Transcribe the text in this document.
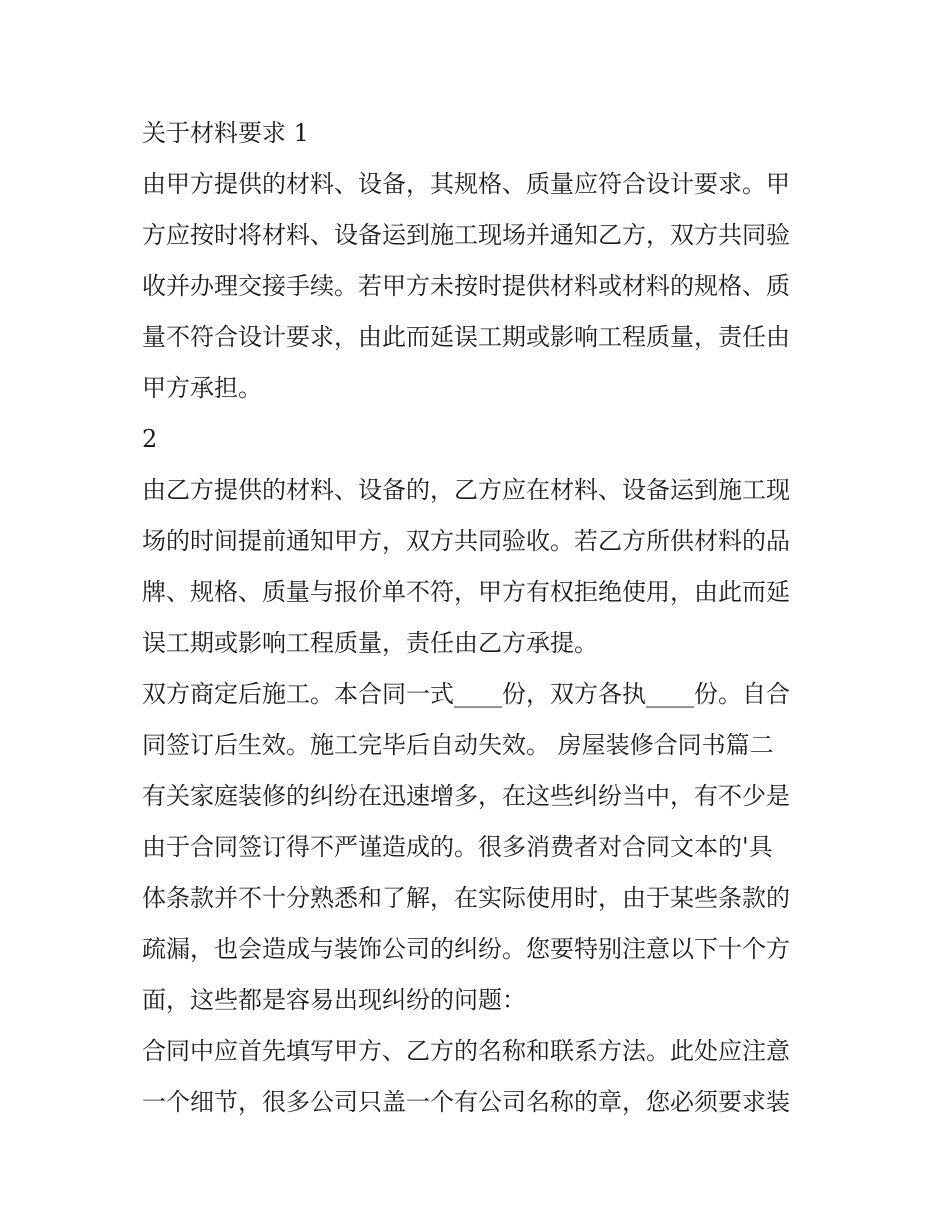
关于材料要求 1
由甲方提供的材料、设备，其规格、质量应符合设计要求。甲
方应按时将材料、设备运到施工现场并通知乙方，双方共同验
收并办理交接手续。若甲方未按时提供材料或材料的规格、质
量不符合设计要求，由此而延误工期或影响工程质量，责任由
甲方承担。
2
由乙方提供的材料、设备的，乙方应在材料、设备运到施工现
场的时间提前通知甲方，双方共同验收。若乙方所供材料的品
牌、规格、质量与报价单不符，甲方有权拒绝使用，由此而延
误工期或影响工程质量，责任由乙方承提。
双方商定后施工。本合同一式____份，双方各执____份。自合
同签订后生效。施工完毕后自动失效。 房屋装修合同书篇二
有关家庭装修的纠纷在迅速增多，在这些纠纷当中，有不少是
由于合同签订得不严谨造成的。很多消费者对合同文本的'具
体条款并不十分熟悉和了解，在实际使用时，由于某些条款的
疏漏，也会造成与装饰公司的纠纷。您要特别注意以下十个方
面，这些都是容易出现纠纷的问题：
合同中应首先填写甲方、乙方的名称和联系方法。此处应注意
一个细节，很多公司只盖一个有公司名称的章，您必须要求装
